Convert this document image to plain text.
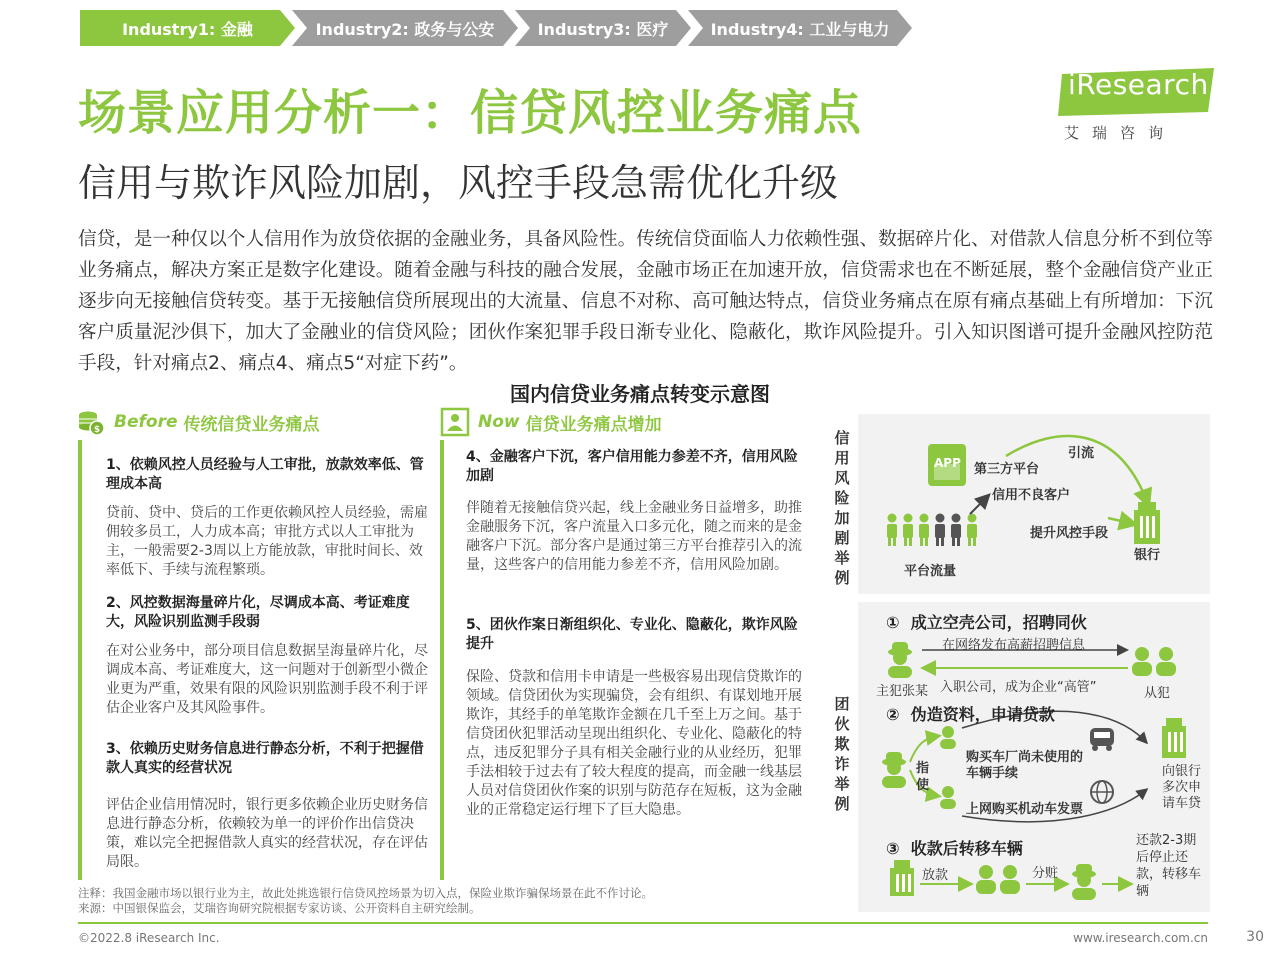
Industry1: 金融	Industry2: 政务与公安	Industry3: 医疗	Industry4: 工业与电力
场景应用分析一：信贷风控业务痛点
信用与欺诈风险加剧，风控手段急需优化升级
iResearch
艾瑞咨询
信贷，是一种仅以个人信用作为放贷依据的金融业务，具备风险性。传统信贷面临人力依赖性强、数据碎片化、对借款人信息分析不到位等业务痛点，解决方案正是数字化建设。随着金融与科技的融合发展，金融市场正在加速开放，信贷需求也在不断延展，整个金融信贷产业正逐步向无接触信贷转变。基于无接触信贷所展现出的大流量、信息不对称、高可触达特点，信贷业务痛点在原有痛点基础上有所增加：下沉客户质量泥沙俱下，加大了金融业的信贷风险；团伙作案犯罪手段日渐专业化、隐蔽化，欺诈风险提升。引入知识图谱可提升金融风控防范手段，针对痛点2、痛点4、痛点5“对症下药”。
国内信贷业务痛点转变示意图
$ Before 传统信贷业务痛点
1、依赖风控人员经验与人工审批，放款效率低、管理成本高
贷前、贷中、贷后的工作更依赖风控人员经验，需雇佣较多员工，人力成本高；审批方式以人工审批为主，一般需要2-3周以上方能放款，审批时间长、效率低下、手续与流程繁琐。
2、风控数据海量碎片化，尽调成本高、考证难度大，风险识别监测手段弱
在对公业务中，部分项目信息数据呈海量碎片化，尽调成本高、考证难度大，这一问题对于创新型小微企业更为严重，效果有限的风险识别监测手段不利于评估企业客户及其风险事件。
3、依赖历史财务信息进行静态分析，不利于把握借款人真实的经营状况
评估企业信用情况时，银行更多依赖企业历史财务信息进行静态分析，依赖较为单一的评价作出信贷决策，难以完全把握借款人真实的经营状况，存在评估局限。
Now 信贷业务痛点增加
4、金融客户下沉，客户信用能力参差不齐，信用风险加剧
伴随着无接触信贷兴起，线上金融业务日益增多，助推金融服务下沉，客户流量入口多元化，随之而来的是金融客户下沉。部分客户是通过第三方平台推荐引入的流量，这些客户的信用能力参差不齐，信用风险加剧。
5、团伙作案日渐组织化、专业化、隐蔽化，欺诈风险提升
保险、贷款和信用卡申请是一些极容易出现信贷欺诈的领域。信贷团伙为实现骗贷，会有组织、有谋划地开展欺诈，其经手的单笔欺诈金额在几千至上万之间。基于信贷团伙犯罪活动呈现出组织化、专业化、隐蔽化的特点，违反犯罪分子具有相关金融行业的从业经历，犯罪手法相较于过去有了较大程度的提高，而金融一线基层人员对信贷团伙作案的识别与防范存在短板，这为金融业的正常稳定运行埋下了巨大隐患。
信用风险加剧举例
APP 第三方平台
引流
信用不良客户
提升风控手段
平台流量
银行
团伙欺诈举例
① 成立空壳公司，招聘同伙
在网络发布高薪招聘信息
主犯张某 入职公司，成为企业“高管”	从犯
② 伪造资料，申请贷款
指使
购买车厂尚未使用的车辆手续
上网购买机动车发票
向银行多次申请车贷
③ 收款后转移车辆
放款	分赃
还款2-3期后停止还款，转移车辆
注释：我国金融市场以银行业为主，故此处挑选银行信贷风控场景为切入点，保险业欺诈骗保场景在此不作讨论。
来源：中国银保监会，艾瑞咨询研究院根据专家访谈、公开资料自主研究绘制。
©2022.8 iResearch Inc.	www.iresearch.com.cn	30
